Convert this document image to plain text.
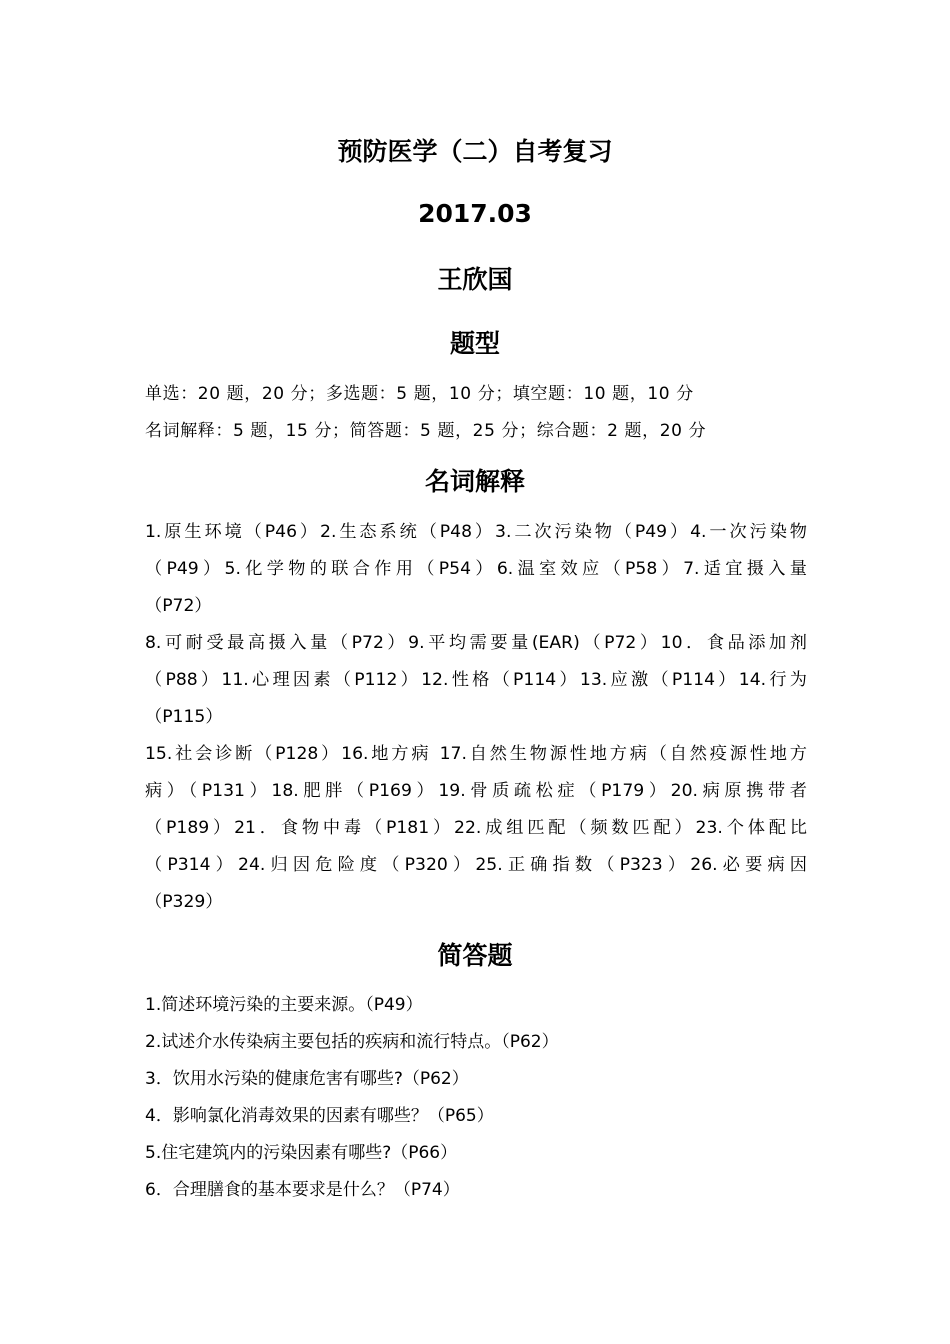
预防医学（二）自考复习
2017.03
王欣国
题型
单选：20 题，20 分；多选题：5 题，10 分；填空题：10 题，10 分
名词解释：5 题，15 分；简答题：5 题，25 分；综合题：2 题，20 分
名词解释
1.原生环境（P46）2.生态系统（P48）3.二次污染物（P49）4.一次污染物
（P49）5.化学物的联合作用（P54）6.温室效应（P58）7.适宜摄入量
（P72）
8.可耐受最高摄入量（P72）9.平均需要量(EAR)（P72）10．食品添加剂
（P88）11.心理因素（P112）12.性格（P114）13.应激（P114）14.行为
（P115）
15.社会诊断（P128）16.地方病 17.自然生物源性地方病（自然疫源性地方
病）（P131）18.肥胖（P169）19.骨质疏松症（P179）20.病原携带者
（P189）21．食物中毒（P181）22.成组匹配（频数匹配）23.个体配比
（P314）24.归因危险度（P320）25.正确指数（P323）26.必要病因
（P329）
简答题
1.简述环境污染的主要来源。（P49）
2.试述介水传染病主要包括的疾病和流行特点。（P62）
3．饮用水污染的健康危害有哪些?（P62）
4．影响氯化消毒效果的因素有哪些？（P65）
5.住宅建筑内的污染因素有哪些?（P66）
6．合理膳食的基本要求是什么？（P74）
